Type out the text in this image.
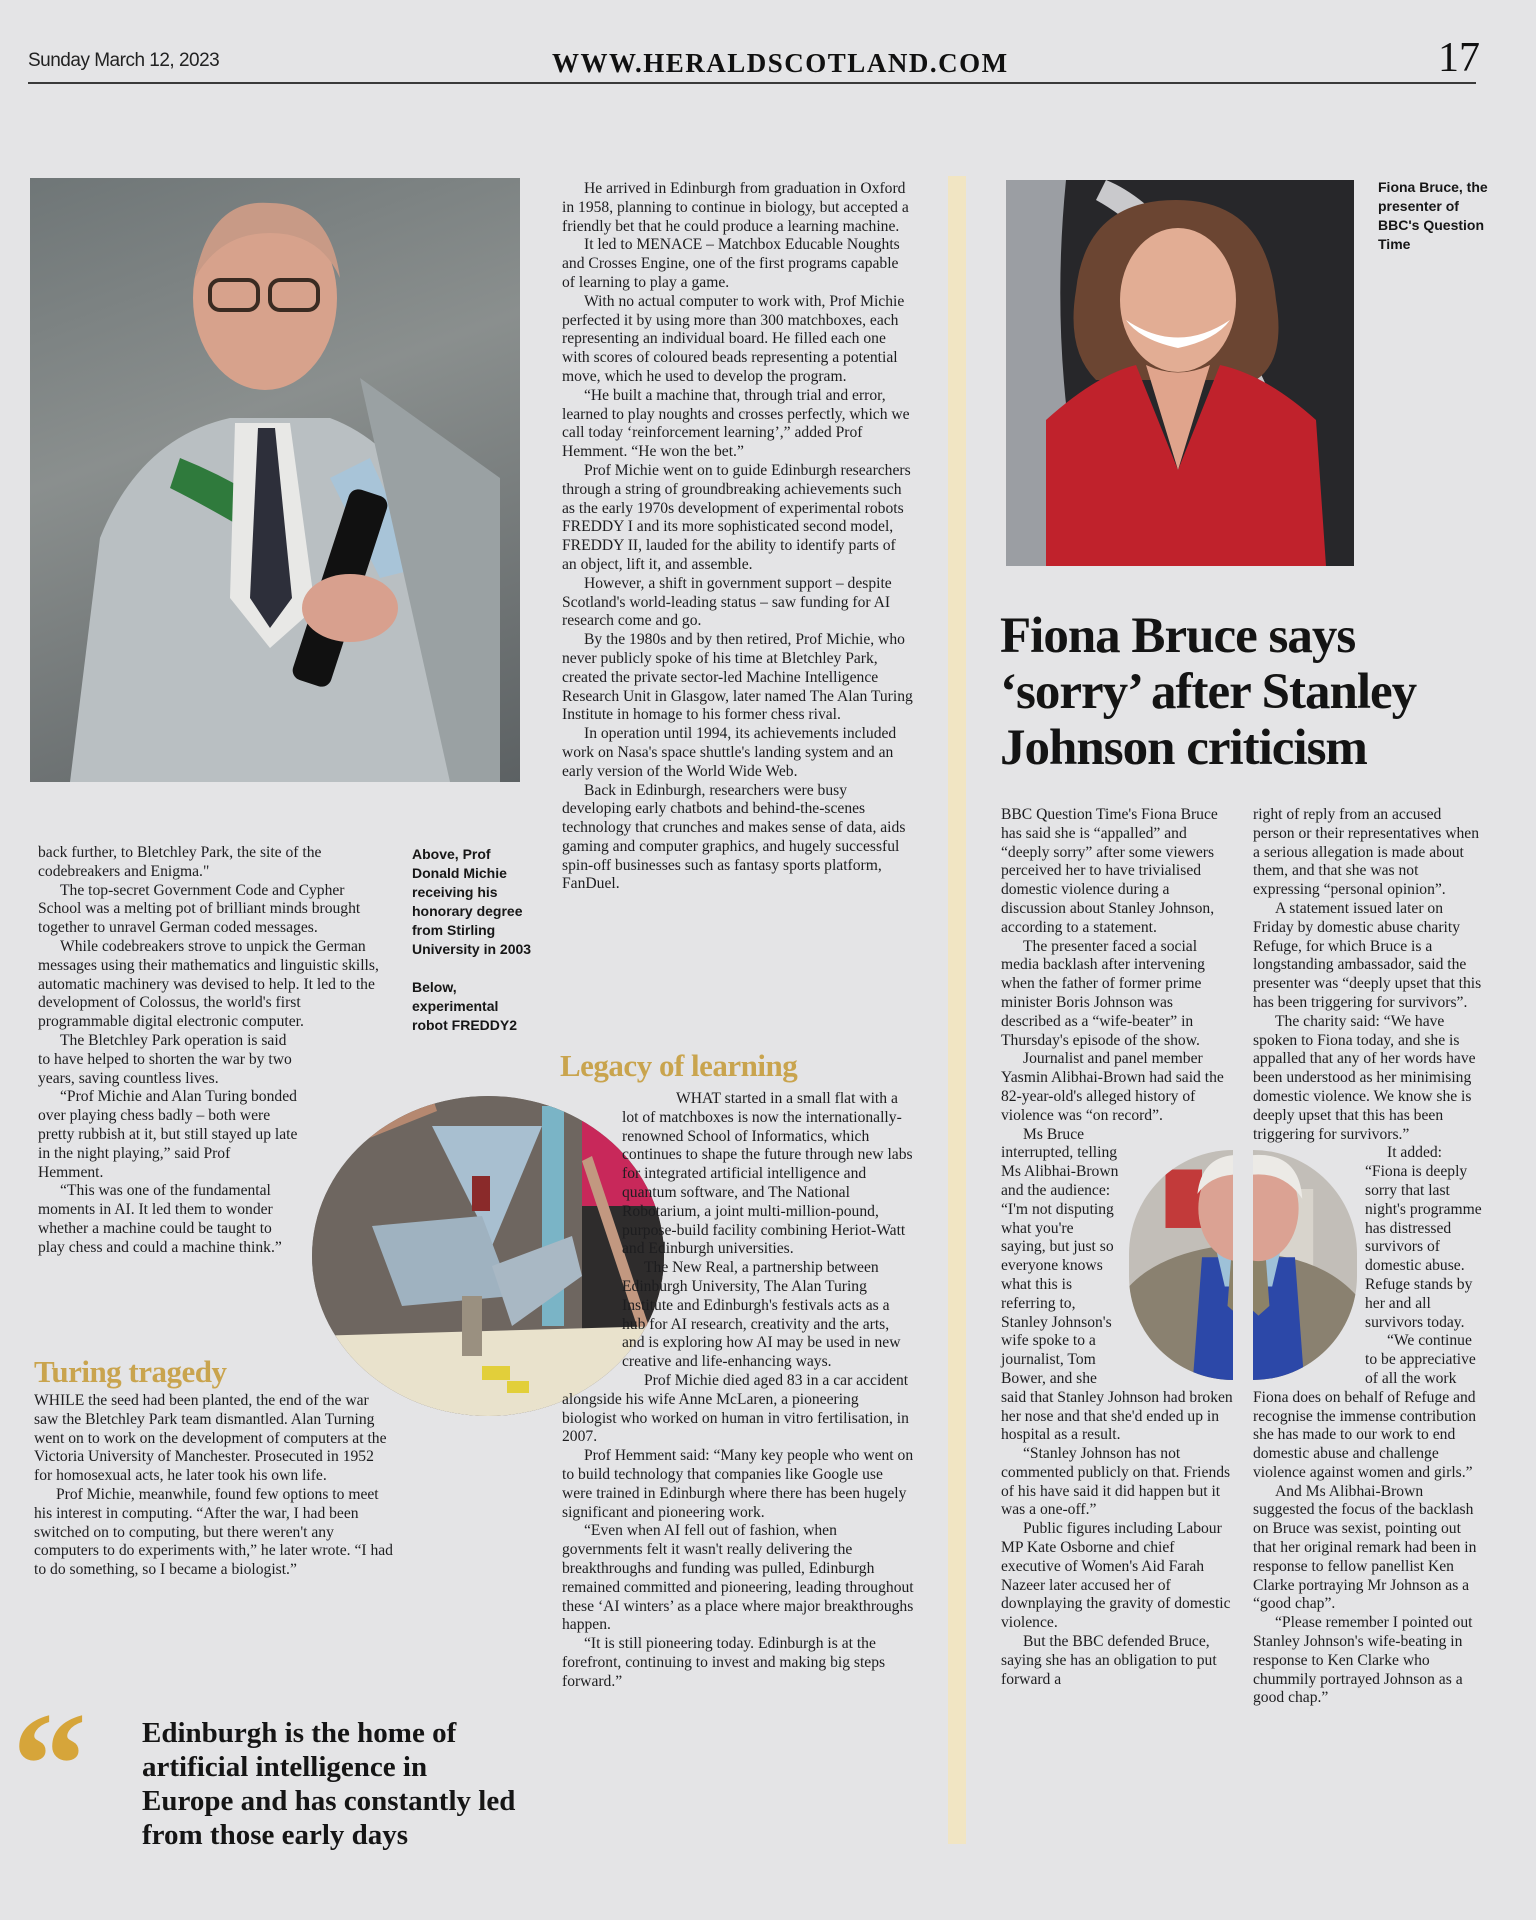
Sunday March 12, 2023	WWW.HERALDSCOTLAND.COM	17

back further, to Bletchley Park, the site of the codebreakers and Enigma."

The top-secret Government Code and Cypher School was a melting pot of brilliant minds brought together to unravel German coded messages.

While codebreakers strove to unpick the German messages using their mathematics and linguistic skills, automatic machinery was devised to help. It led to the development of Colossus, the world's first programmable digital electronic computer.

The Bletchley Park operation is said to have helped to shorten the war by two years, saving countless lives.

“Prof Michie and Alan Turing bonded over playing chess badly – both were pretty rubbish at it, but still stayed up late in the night playing,” said Prof Hemment.

“This was one of the fundamental moments in AI. It led them to wonder whether a machine could be taught to play chess and could a machine think.”

Above, Prof Donald Michie receiving his honorary degree from Stirling University in 2003

Below, experimental robot FREDDY2

Turing tragedy

WHILE the seed had been planted, the end of the war saw the Bletchley Park team dismantled. Alan Turning went on to work on the development of computers at the Victoria University of Manchester. Prosecuted in 1952 for homosexual acts, he later took his own life.

Prof Michie, meanwhile, found few options to meet his interest in computing. “After the war, I had been switched on to computing, but there weren't any computers to do experiments with,” he later wrote. “I had to do something, so I became a biologist.”

“ Edinburgh is the home of artificial intelligence in Europe and has constantly led from those early days

He arrived in Edinburgh from graduation in Oxford in 1958, planning to continue in biology, but accepted a friendly bet that he could produce a learning machine.

It led to MENACE – Matchbox Educable Noughts and Crosses Engine, one of the first programs capable of learning to play a game.

With no actual computer to work with, Prof Michie perfected it by using more than 300 matchboxes, each representing an individual board. He filled each one with scores of coloured beads representing a potential move, which he used to develop the program.

“He built a machine that, through trial and error, learned to play noughts and crosses perfectly, which we call today ‘reinforcement learning’,” added Prof Hemment. “He won the bet.”

Prof Michie went on to guide Edinburgh researchers through a string of groundbreaking achievements such as the early 1970s development of experimental robots FREDDY I and its more sophisticated second model, FREDDY II, lauded for the ability to identify parts of an object, lift it, and assemble.

However, a shift in government support – despite Scotland's world-leading status – saw funding for AI research come and go.

By the 1980s and by then retired, Prof Michie, who never publicly spoke of his time at Bletchley Park, created the private sector-led Machine Intelligence Research Unit in Glasgow, later named The Alan Turing Institute in homage to his former chess rival.

In operation until 1994, its achievements included work on Nasa's space shuttle's landing system and an early version of the World Wide Web.

Back in Edinburgh, researchers were busy developing early chatbots and behind-the-scenes technology that crunches and makes sense of data, aids gaming and computer graphics, and hugely successful spin-off businesses such as fantasy sports platform, FanDuel.

Legacy of learning

WHAT started in a small flat with a lot of matchboxes is now the internationally-renowned School of Informatics, which continues to shape the future through new labs for integrated artificial intelligence and quantum software, and The National Robotarium, a joint multi-million-pound, purpose-build facility combining Heriot-Watt and Edinburgh universities.

The New Real, a partnership between Edinburgh University, The Alan Turing Institute and Edinburgh's festivals acts as a hub for AI research, creativity and the arts, and is exploring how AI may be used in new creative and life-enhancing ways.

Prof Michie died aged 83 in a car accident alongside his wife Anne McLaren, a pioneering biologist who worked on human in vitro fertilisation, in 2007.

Prof Hemment said: “Many key people who went on to build technology that companies like Google use were trained in Edinburgh where there has been hugely significant and pioneering work.

“Even when AI fell out of fashion, when governments felt it wasn't really delivering the breakthroughs and funding was pulled, Edinburgh remained committed and pioneering, leading throughout these ‘AI winters’ as a place where major breakthroughs happen.

“It is still pioneering today. Edinburgh is at the forefront, continuing to invest and making big steps forward.”

Fiona Bruce, the presenter of BBC's Question Time
Fiona Bruce says ‘sorry’ after Stanley Johnson criticism

BBC Question Time's Fiona Bruce has said she is “appalled” and “deeply sorry” after some viewers perceived her to have trivialised domestic violence during a discussion about Stanley Johnson, according to a statement.

The presenter faced a social media backlash after intervening when the father of former prime minister Boris Johnson was described as a “wife-beater” in Thursday's episode of the show.

Journalist and panel member Yasmin Alibhai-Brown had said the 82-year-old's alleged history of violence was “on record”.

Ms Bruce interrupted, telling Ms Alibhai-Brown and the audience: “I'm not disputing what you're saying, but just so everyone knows what this is referring to, Stanley Johnson's wife spoke to a journalist, Tom Bower, and she said that Stanley Johnson had broken her nose and that she'd ended up in hospital as a result.

“Stanley Johnson has not commented publicly on that. Friends of his have said it did happen but it was a one-off.”

Public figures including Labour MP Kate Osborne and chief executive of Women's Aid Farah Nazeer later accused her of downplaying the gravity of domestic violence.

But the BBC defended Bruce, saying she has an obligation to put forward a

right of reply from an accused person or their representatives when a serious allegation is made about them, and that she was not expressing “personal opinion”.

A statement issued later on Friday by domestic abuse charity Refuge, for which Bruce is a longstanding ambassador, said the presenter was “deeply upset that this has been triggering for survivors”.

The charity said: “We have spoken to Fiona today, and she is appalled that any of her words have been understood as her minimising domestic violence. We know she is deeply upset that this has been triggering for survivors.”

It added: “Fiona is deeply sorry that last night's programme has distressed survivors of domestic abuse. Refuge stands by her and all survivors today.

“We continue to be appreciative of all the work Fiona does on behalf of Refuge and recognise the immense contribution she has made to our work to end domestic abuse and challenge violence against women and girls.”

And Ms Alibhai-Brown suggested the focus of the backlash on Bruce was sexist, pointing out that her original remark had been in response to fellow panellist Ken Clarke portraying Mr Johnson as a “good chap”.

“Please remember I pointed out Stanley Johnson's wife-beating in response to Ken Clarke who chummily portrayed Johnson as a good chap.”
